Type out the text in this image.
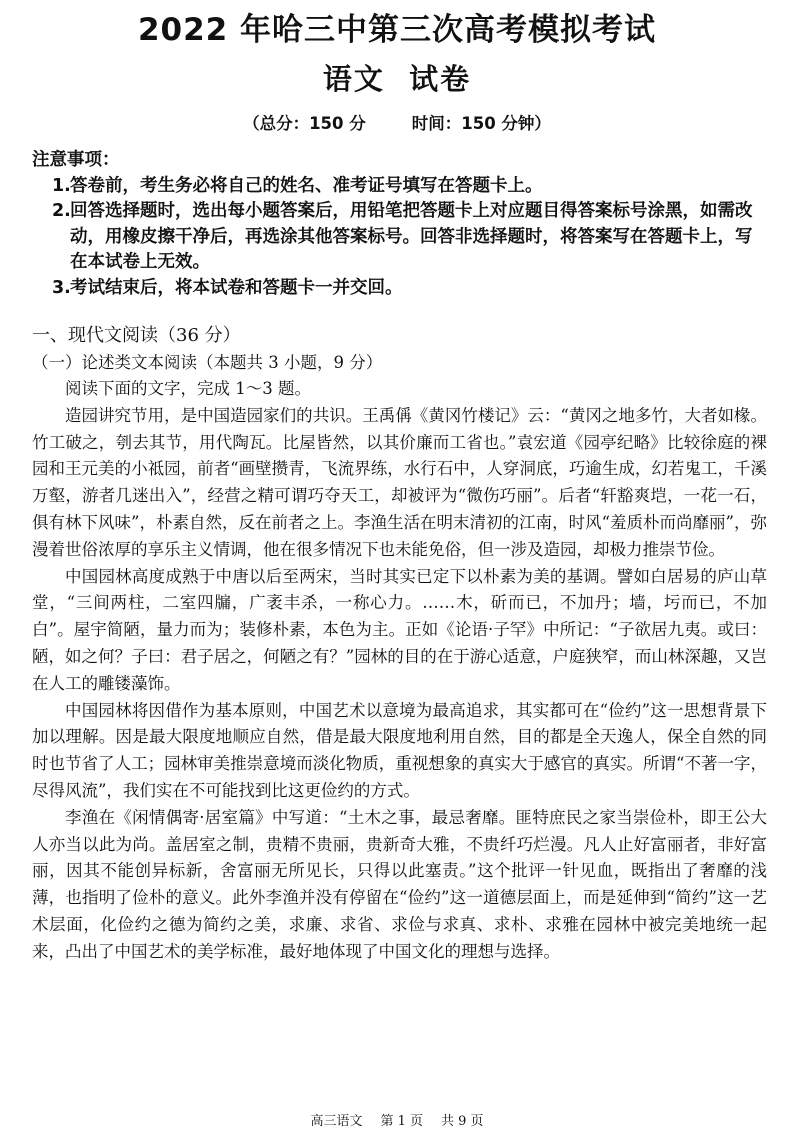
2022 年哈三中第三次高考模拟考试
语文  试卷
（总分：150 分	时间：150 分钟）

注意事项：

1. 答卷前，考生务必将自己的姓名、准考证号填写在答题卡上。
2. 回答选择题时，选出每小题答案后，用铅笔把答题卡上对应题目得答案标号涂黑，如需改动，用橡皮擦干净后，再选涂其他答案标号。回答非选择题时，将答案写在答题卡上，写在本试卷上无效。
3. 考试结束后，将本试卷和答题卡一并交回。
一、现代文阅读（36 分）
（一）论述类文本阅读（本题共 3 小题，9 分）

阅读下面的文字，完成 1～3 题。

造园讲究节用，是中国造园家们的共识。王禹偁《黄冈竹楼记》云：“黄冈之地多竹，大者如椽。竹工破之，刳去其节，用代陶瓦。比屋皆然，以其价廉而工省也。”袁宏道《园亭纪略》比较徐庭的裸园和王元美的小祗园，前者“画壁攒青，飞流界练，水行石中，人穿洞底，巧逾生成，幻若鬼工，千溪万壑，游者几迷出入”，经营之精可谓巧夺天工，却被评为“微伤巧丽”。后者“轩豁爽垲，一花一石，俱有林下风味”，朴素自然，反在前者之上。李渔生活在明末清初的江南，时风“羞质朴而尚靡丽”，弥漫着世俗浓厚的享乐主义情调，他在很多情况下也未能免俗，但一涉及造园，却极力推崇节俭。

中国园林高度成熟于中唐以后至两宋，当时其实已定下以朴素为美的基调。譬如白居易的庐山草堂，“三间两柱，二室四牖，广袤丰杀，一称心力。……木，斫而已，不加丹；墙，圬而已，不加白”。屋宇简陋，量力而为；装修朴素，本色为主。正如《论语·子罕》中所记：“子欲居九夷。或曰：陋，如之何？子曰：君子居之，何陋之有？”园林的目的在于游心适意，户庭狭窄，而山林深趣，又岂在人工的雕镂藻饰。

中国园林将因借作为基本原则，中国艺术以意境为最高追求，其实都可在“俭约”这一思想背景下加以理解。因是最大限度地顺应自然，借是最大限度地利用自然，目的都是全天逸人，保全自然的同时也节省了人工；园林审美推崇意境而淡化物质，重视想象的真实大于感官的真实。所谓“不著一字，尽得风流”，我们实在不可能找到比这更俭约的方式。

李渔在《闲情偶寄·居室篇》中写道：“土木之事，最忌奢靡。匪特庶民之家当崇俭朴，即王公大人亦当以此为尚。盖居室之制，贵精不贵丽，贵新奇大雅，不贵纤巧烂漫。凡人止好富丽者，非好富丽，因其不能创异标新，舍富丽无所见长，只得以此塞责。”这个批评一针见血，既指出了奢靡的浅薄，也指明了俭朴的意义。此外李渔并没有停留在“俭约”这一道德层面上，而是延伸到“简约”这一艺术层面，化俭约之德为简约之美，求廉、求省、求俭与求真、求朴、求雅在园林中被完美地统一起来，凸出了中国艺术的美学标准，最好地体现了中国文化的理想与选择。

高三语文 第 1 页 共 9 页
